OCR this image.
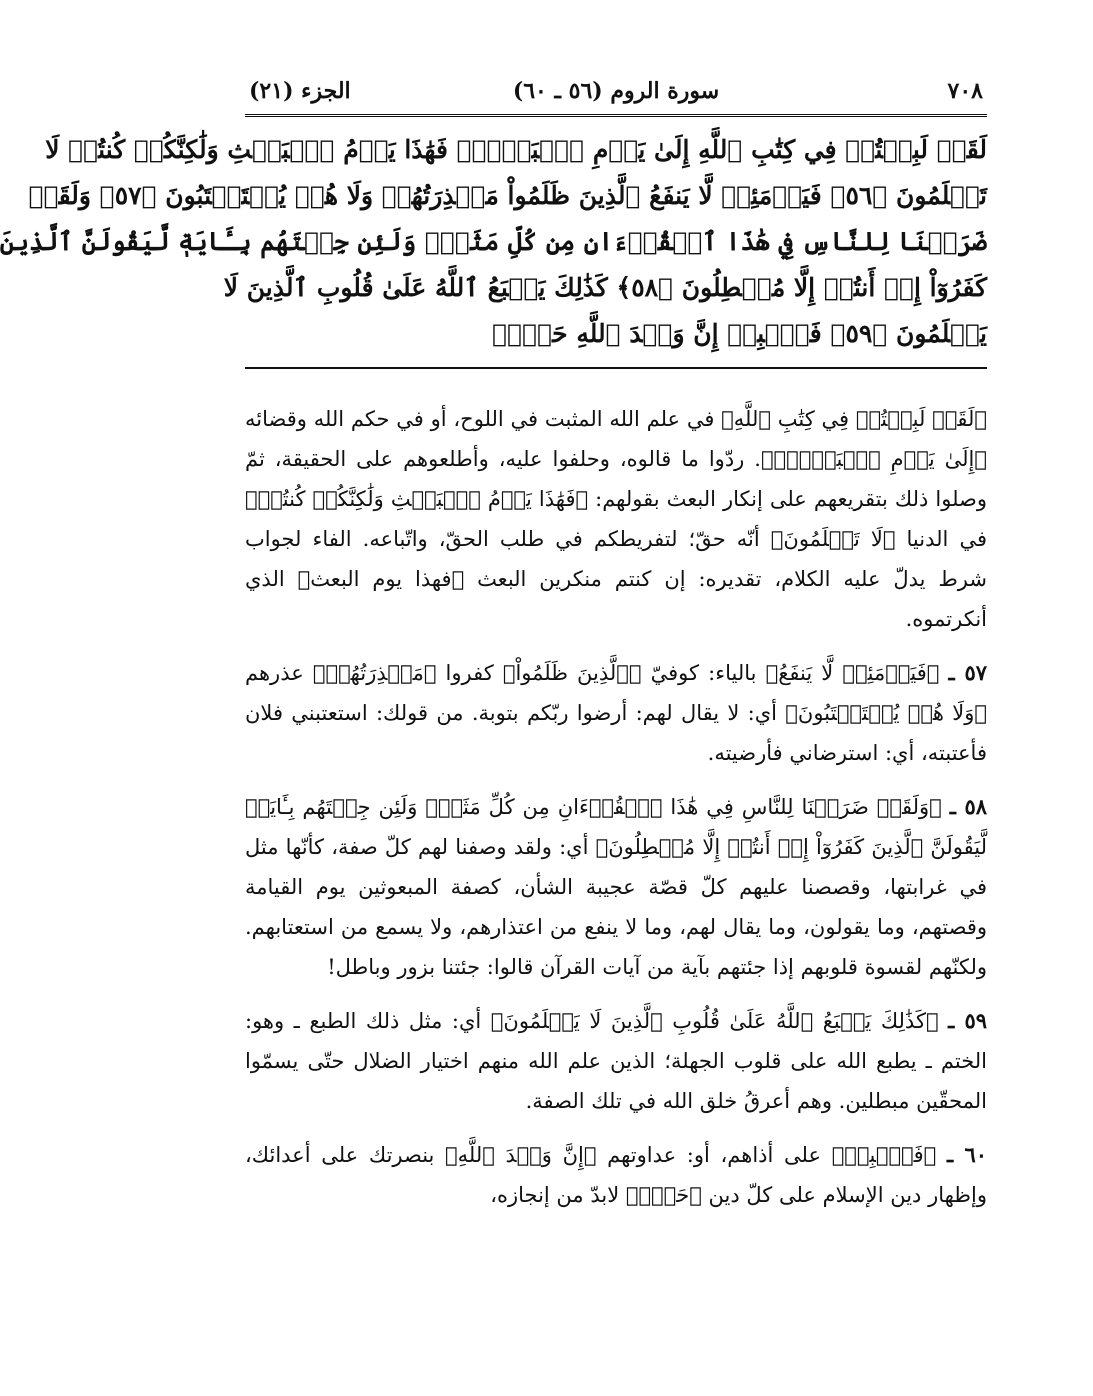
٧٠٨
سورة الروم (٥٦ ـ ٦٠)
الجزء (٢١)
لَقَدۡ لَبِثۡتُمۡ فِي كِتَٰبِ ٱللَّهِ إِلَىٰ يَوۡمِ ٱلۡبَعۡثِۖ فَهَٰذَا يَوۡمُ ٱلۡبَعۡثِ وَلَٰكِنَّكُمۡ كُنتُمۡ لَا
تَعۡلَمُونَ ﴿٥٦﴾ فَيَوۡمَئِذٖ لَّا يَنفَعُ ٱلَّذِينَ ظَلَمُواْ مَعۡذِرَتُهُمۡ وَلَا هُمۡ يُسۡتَعۡتَبُونَ ﴿٥٧﴾ وَلَقَدۡ
ضَرَبۡنَا لِلنَّاسِ فِي هَٰذَا ٱلۡقُرۡءَانِ مِن كُلِّ مَثَلٖۚ وَلَئِن جِئۡتَهُم بِـَٔايَةٖ لَّيَقُولَنَّ ٱلَّذِينَ
كَفَرُوٓاْ إِنۡ أَنتُمۡ إِلَّا مُبۡطِلُونَ ﴿٥٨﴾ كَذَٰلِكَ يَطۡبَعُ ٱللَّهُ عَلَىٰ قُلُوبِ ٱلَّذِينَ لَا
يَعۡلَمُونَ ﴿٥٩﴾ فَٱصۡبِرۡ إِنَّ وَعۡدَ ٱللَّهِ حَقّٞۖ

﴿لَقَدۡ لَبِثۡتُمۡ فِي كِتَٰبِ ٱللَّهِ﴾ في علم الله المثبت في اللوح، أو في حكم الله وقضائه ﴿إِلَىٰ يَوۡمِ ٱلۡبَعۡثِۖ﴾. ردّوا ما قالوه، وحلفوا عليه، وأطلعوهم على الحقيقة، ثمّ وصلوا ذلك بتقريعهم على إنكار البعث بقولهم: ﴿فَهَٰذَا يَوۡمُ ٱلۡبَعۡثِ وَلَٰكِنَّكُمۡ كُنتُمۡ﴾ في الدنيا ﴿لَا تَعۡلَمُونَ﴾ أنّه حقّ؛ لتفريطكم في طلب الحقّ، واتّباعه. الفاء لجواب شرط يدلّ عليه الكلام، تقديره: إن كنتم منكرين البعث ﴿فهذا يوم البعث﴾ الذي أنكرتموه.

٥٧ ـ ﴿فَيَوۡمَئِذٖ لَّا يَنفَعُ﴾ بالياء: كوفيّ ﴿ٱلَّذِينَ ظَلَمُواْ﴾ كفروا ﴿مَعۡذِرَتُهُمۡ﴾ عذرهم ﴿وَلَا هُمۡ يُسۡتَعۡتَبُونَ﴾ أي: لا يقال لهم: أرضوا ربّكم بتوبة. من قولك: استعتبني فلان فأعتبته، أي: استرضاني فأرضيته.

٥٨ ـ ﴿وَلَقَدۡ ضَرَبۡنَا لِلنَّاسِ فِي هَٰذَا ٱلۡقُرۡءَانِ مِن كُلِّ مَثَلٖۚ وَلَئِن جِئۡتَهُم بِـَٔايَةٖ لَّيَقُولَنَّ ٱلَّذِينَ كَفَرُوٓاْ إِنۡ أَنتُمۡ إِلَّا مُبۡطِلُونَ﴾ أي: ولقد وصفنا لهم كلّ صفة، كأنّها مثل في غرابتها، وقصصنا عليهم كلّ قصّة عجيبة الشأن، كصفة المبعوثين يوم القيامة وقصتهم، وما يقولون، وما يقال لهم، وما لا ينفع من اعتذارهم، ولا يسمع من استعتابهم. ولكنّهم لقسوة قلوبهم إذا جئتهم بآية من آيات القرآن قالوا: جئتنا بزور وباطل!

٥٩ ـ ﴿كَذَٰلِكَ يَطۡبَعُ ٱللَّهُ عَلَىٰ قُلُوبِ ٱلَّذِينَ لَا يَعۡلَمُونَ﴾ أي: مثل ذلك الطبع ـ وهو: الختم ـ يطبع الله على قلوب الجهلة؛ الذين علم الله منهم اختيار الضلال حتّى يسمّوا المحقّين مبطلين. وهم أعرقُ خلق الله في تلك الصفة.

٦٠ ـ ﴿فَٱصۡبِرۡ﴾ على أذاهم، أو: عداوتهم ﴿إِنَّ وَعۡدَ ٱللَّهِ﴾ بنصرتك على أعدائك، وإظهار دين الإسلام على كلّ دين ﴿حَقّٞ﴾ لابدّ من إنجازه،
